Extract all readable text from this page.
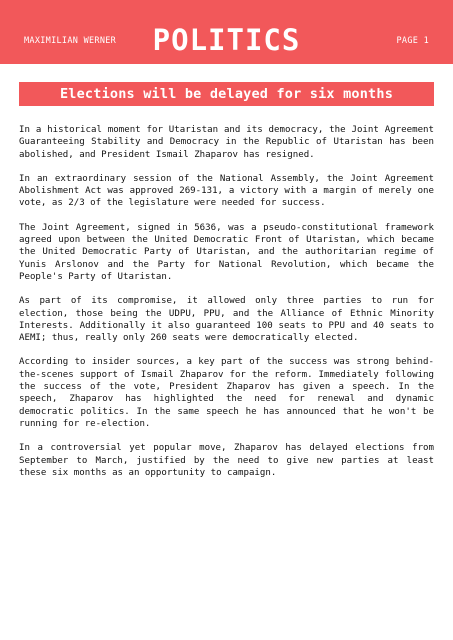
MAXIMILIAN WERNER	POLITICS	PAGE 1
Elections will be delayed for six months

In a historical moment for Utaristan and its democracy, the Joint Agreement Guaranteeing Stability and Democracy in the Republic of Utaristan has been abolished, and President Ismail Zhaparov has resigned.

In an extraordinary session of the National Assembly, the Joint Agreement Abolishment Act was approved 269-131, a victory with a margin of merely one vote, as 2/3 of the legislature were needed for success.

The Joint Agreement, signed in 5636, was a pseudo-constitutional framework agreed upon between the United Democratic Front of Utaristan, which became the United Democratic Party of Utaristan, and the authoritarian regime of Yunis Arslonov and the Party for National Revolution, which became the People's Party of Utaristan.

As part of its compromise, it allowed only three parties to run for election, those being the UDPU, PPU, and the Alliance of Ethnic Minority Interests. Additionally it also guaranteed 100 seats to PPU and 40 seats to AEMI; thus, really only 260 seats were democratically elected.

According to insider sources, a key part of the success was strong behind-the-scenes support of Ismail Zhaparov for the reform. Immediately following the success of the vote, President Zhaparov has given a speech. In the speech, Zhaparov has highlighted the need for renewal and dynamic democratic politics. In the same speech he has announced that he won't be running for re-election.

In a controversial yet popular move, Zhaparov has delayed elections from September to March, justified by the need to give new parties at least these six months as an opportunity to campaign.
